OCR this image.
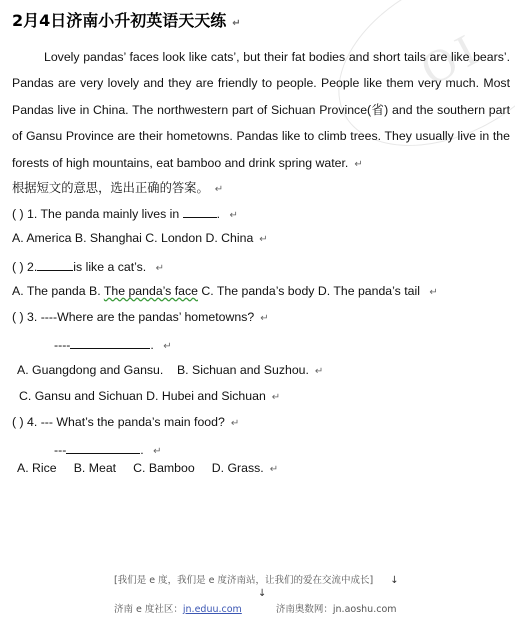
OI
2月4日济南小升初英语天天练 ↵
Lovely pandas’ faces look like cats’, but their fat bodies and short tails are like bears’. Pandas are very lovely and they are friendly to people. People like them very much. Most Pandas live in China. The northwestern part of Sichuan Province(省) and the southern part of Gansu Province are their hometowns. Pandas like to climb trees. They usually live in the forests of high mountains, eat bamboo and drink spring water. ↵
根据短文的意思，选出正确的答案。 ↵
( ) 1. The panda mainly lives in	. ↵
A. America B. Shanghai C. London D. China ↵
( ) 2.	is like a cat’s. ↵
A. The panda B. The panda’s face C. The panda’s body D. The panda’s tail ↵
( ) 3. ----Where are the pandas’ hometowns? ↵
----	. ↵
A. Guangdong and Gansu.    B. Sichuan and Suzhou. ↵
C. Gansu and Sichuan D. Hubei and Sichuan ↵
( ) 4. --- What’s the panda’s main food? ↵
---	. ↵
A. Rice     B. Meat     C. Bamboo     D. Grass. ↵
[我们是 e 度，我们是 e 度济南站，让我们的爱在交流中成长] ↓
↓
济南 e 度社区：jn.eduu.com	济南奥数网：jn.aoshu.com
